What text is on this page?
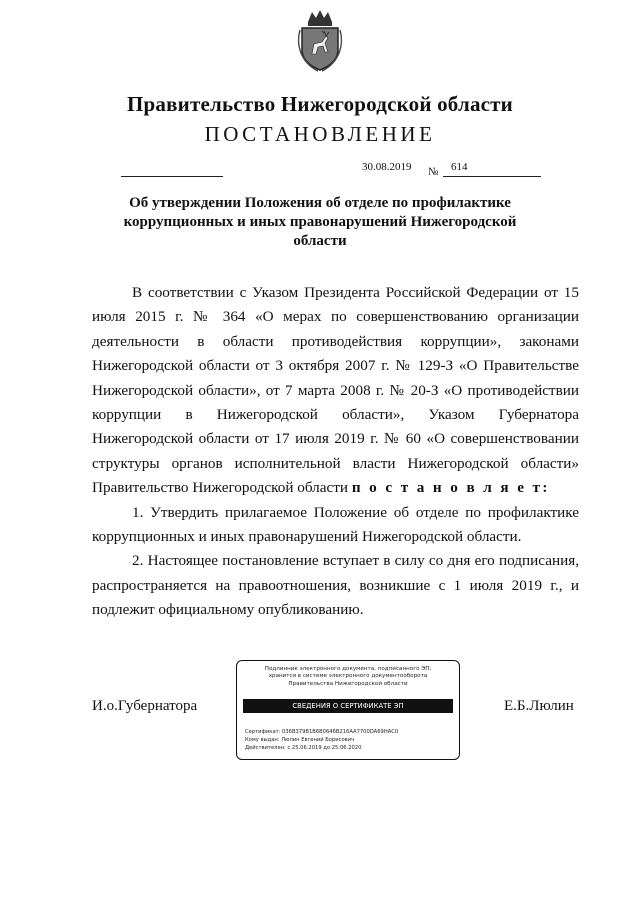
Правительство Нижегородской области
ПОСТАНОВЛЕНИЕ
30.08.2019 № 614
Об утверждении Положения об отделе по профилактике коррупционных и иных правонарушений Нижегородской области

В соответствии с Указом Президента Российской Федерации от 15 июля 2015 г. № 364 «О мерах по совершенствованию организации деятельности в области противодействия коррупции», законами Нижегородской области от 3 октября 2007 г. № 129-З «О Правительстве Нижегородской области», от 7 марта 2008 г. № 20-З «О противодействии коррупции в Нижегородской области», Указом Губернатора Нижегородской области от 17 июля 2019 г. № 60 «О совершенствовании структуры органов исполнительной власти Нижегородской области» Правительство Нижегородской области п о с т а н о в л я е т:

1. Утвердить прилагаемое Положение об отделе по профилактике коррупционных и иных правонарушений Нижегородской области.

2. Настоящее постановление вступает в силу со дня его подписания, распространяется на правоотношения, возникшие с 1 июля 2019 г., и подлежит официальному опубликованию.

И.о.Губернатора
Подлинник электронного документа, подписанного ЭП,
хранится в системе электронного документооборота
Правительства Нижегородской области
СВЕДЕНИЯ О СЕРТИФИКАТЕ ЭП
Сертификат: 036B379B1B6B0646B216AA7700DA69HAC0
Кому выдан: Люлин Евгений Борисович
Действителен: с 25.06.2019 до 25.06.2020
Е.Б.Люлин
